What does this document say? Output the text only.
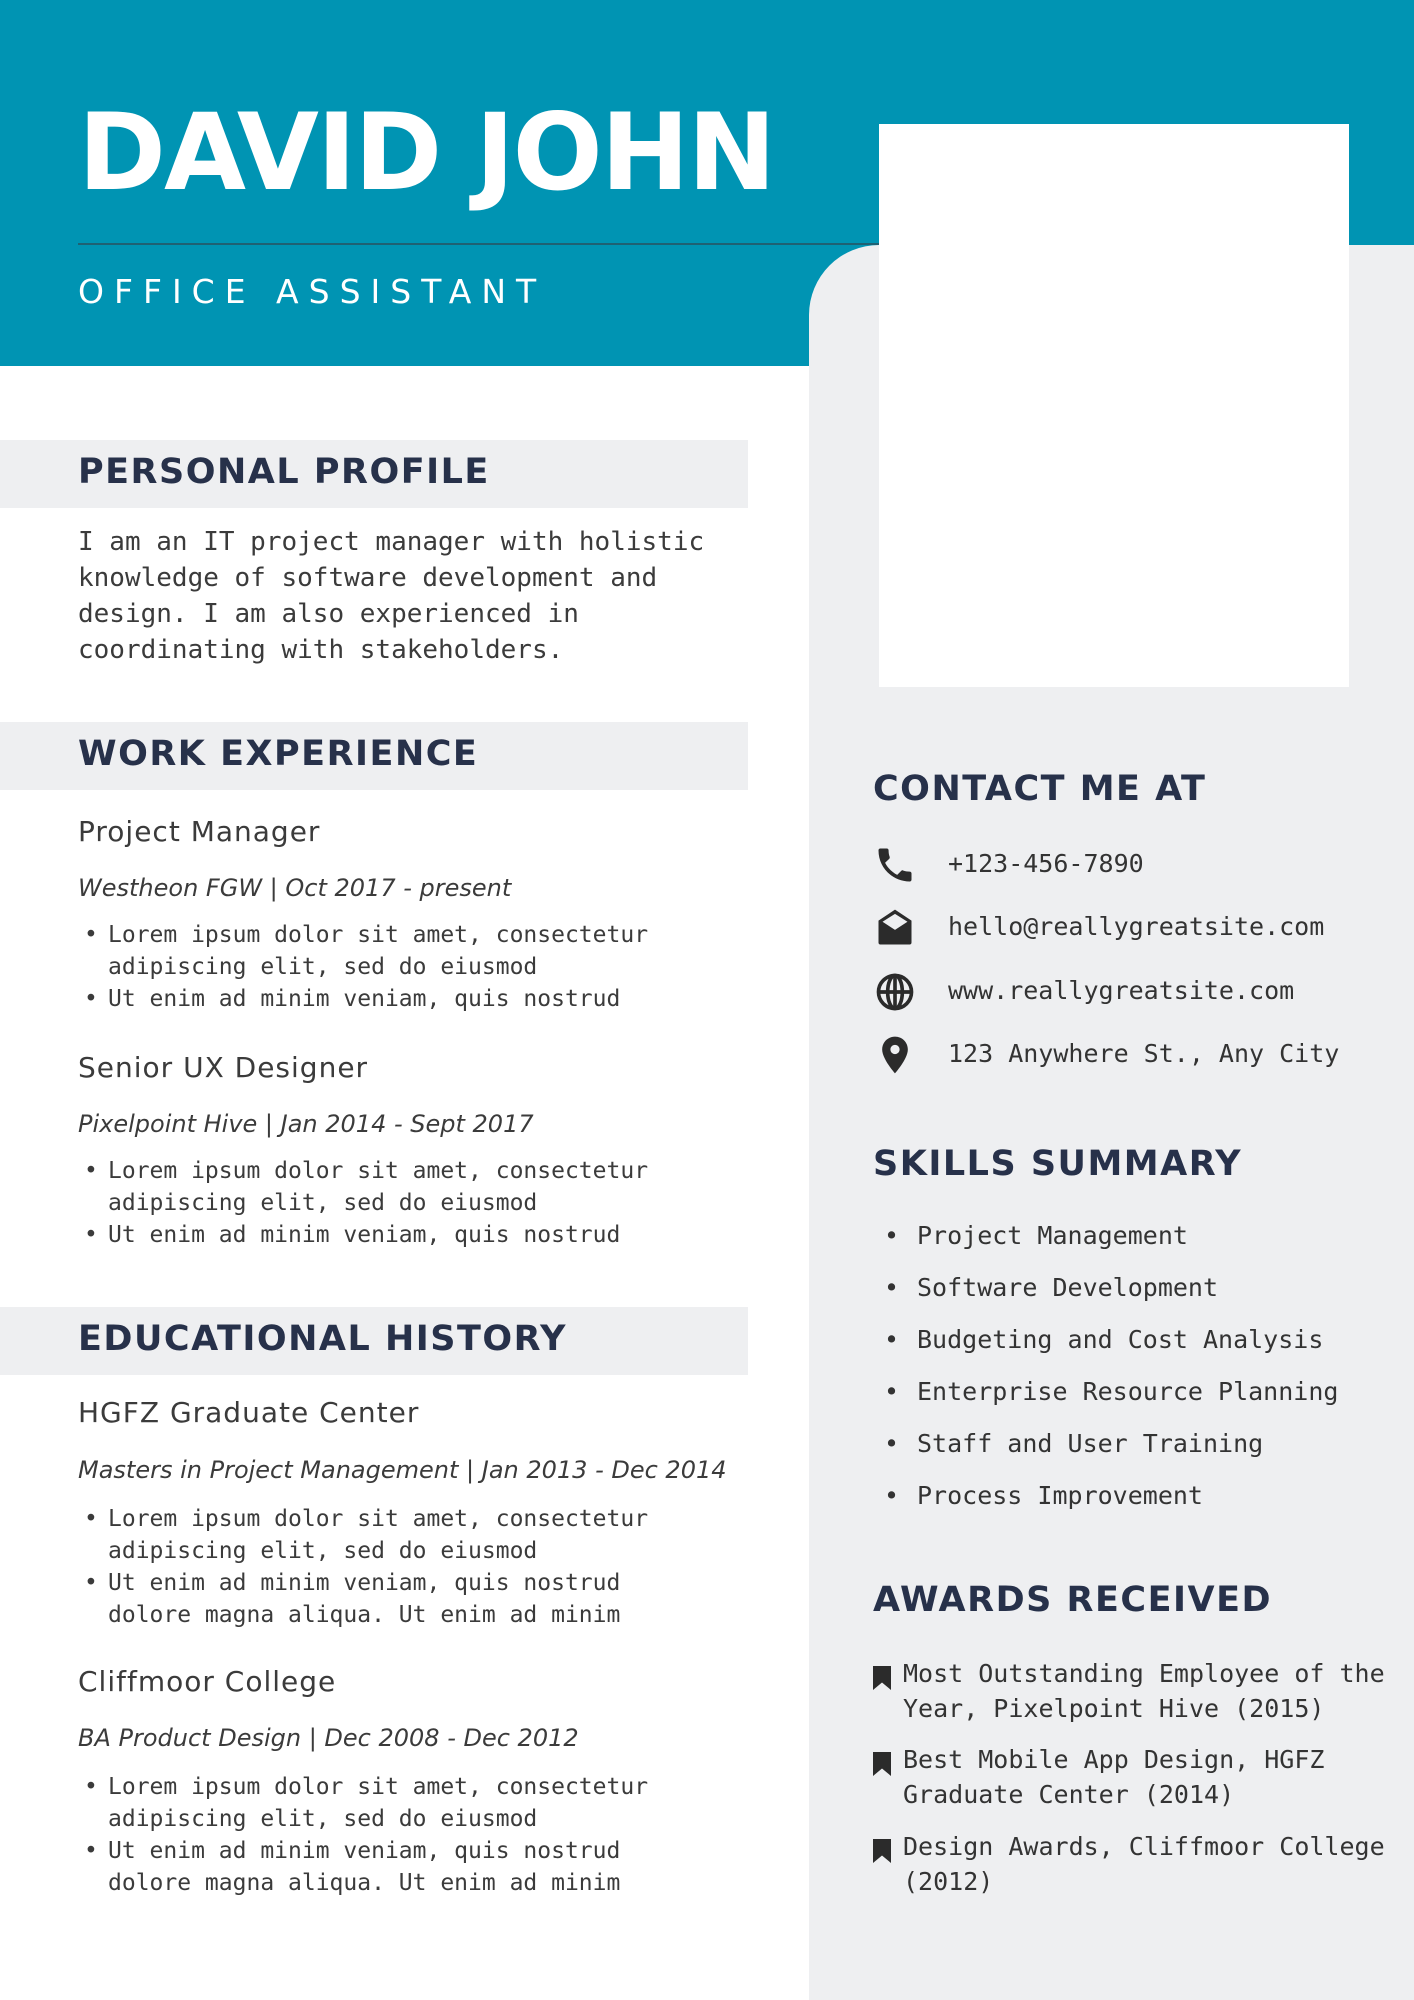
DAVID JOHN
OFFICE ASSISTANT
PERSONAL PROFILE

I am an IT project manager with holistic knowledge of software development and design. I am also experienced in coordinating with stakeholders.

WORK EXPERIENCE
Project Manager
Westheon FGW | Oct 2017 - present
• Lorem ipsum dolor sit amet, consectetur adipiscing elit, sed do eiusmod
• Ut enim ad minim veniam, quis nostrud
Senior UX Designer
Pixelpoint Hive | Jan 2014 - Sept 2017
• Lorem ipsum dolor sit amet, consectetur adipiscing elit, sed do eiusmod
• Ut enim ad minim veniam, quis nostrud
EDUCATIONAL HISTORY
HGFZ Graduate Center
Masters in Project Management | Jan 2013 - Dec 2014
• Lorem ipsum dolor sit amet, consectetur adipiscing elit, sed do eiusmod
• Ut enim ad minim veniam, quis nostrud dolore magna aliqua. Ut enim ad minim
Cliffmoor College
BA Product Design | Dec 2008 - Dec 2012
• Lorem ipsum dolor sit amet, consectetur adipiscing elit, sed do eiusmod
• Ut enim ad minim veniam, quis nostrud dolore magna aliqua. Ut enim ad minim
CONTACT ME AT
+123-456-7890
hello@reallygreatsite.com
www.reallygreatsite.com
123 Anywhere St., Any City
SKILLS SUMMARY
• Project Management
• Software Development
• Budgeting and Cost Analysis
• Enterprise Resource Planning
• Staff and User Training
• Process Improvement
AWARDS RECEIVED
Most Outstanding Employee of the Year, Pixelpoint Hive (2015)
Best Mobile App Design, HGFZ Graduate Center (2014)
Design Awards, Cliffmoor College (2012)
